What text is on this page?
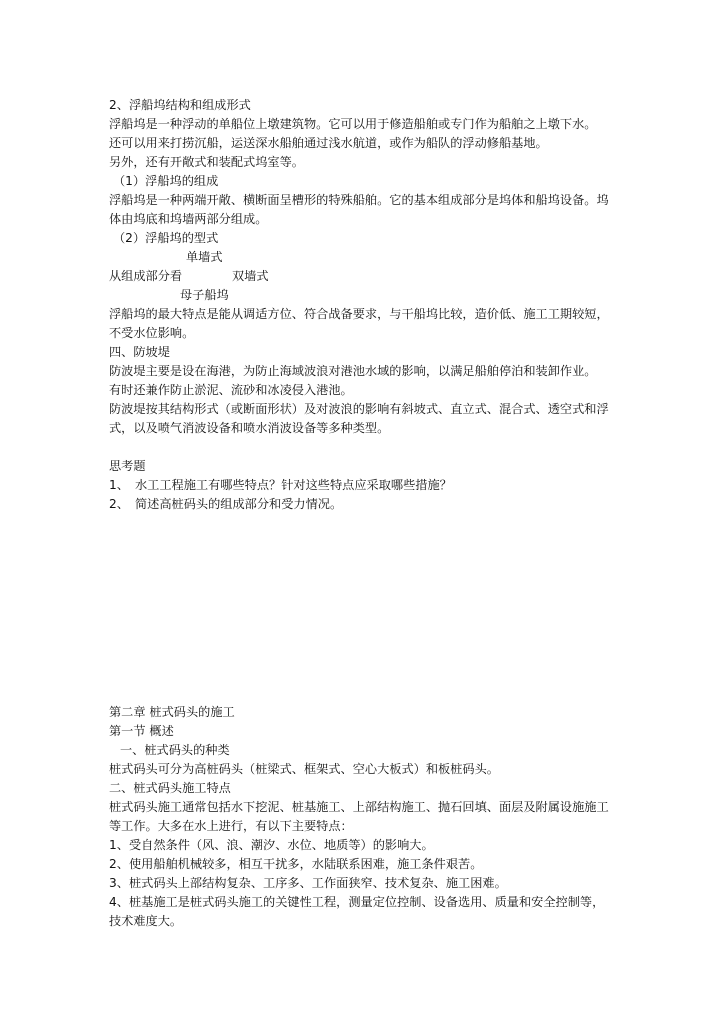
2、浮船坞结构和组成形式
浮船坞是一种浮动的单船位上墩建筑物。它可以用于修造船舶或专门作为船舶之上墩下水。
还可以用来打捞沉船，运送深水船舶通过浅水航道，或作为船队的浮动修船基地。
另外，还有开敞式和装配式坞室等。
（1）浮船坞的组成
浮船坞是一种两端开敞、横断面呈槽形的特殊船舶。它的基本组成部分是坞体和船坞设备。坞
体由坞底和坞墙两部分组成。
（2）浮船坞的型式
单墙式
从组成部分看	双墙式
母子船坞
浮船坞的最大特点是能从调适方位、符合战备要求，与干船坞比较，造价低、施工工期较短，
不受水位影响。
四、防坡堤
防波堤主要是设在海港，为防止海域波浪对港池水域的影响，以满足船舶停泊和装卸作业。
有时还兼作防止淤泥、流砂和冰凌侵入港池。
防波堤按其结构形式（或断面形状）及对波浪的影响有斜坡式、直立式、混合式、透空式和浮
式，以及喷气消波设备和喷水消波设备等多种类型。
思考题
1、 水工工程施工有哪些特点？针对这些特点应采取哪些措施？
2、 简述高桩码头的组成部分和受力情况。
第二章 桩式码头的施工
第一节 概述
一、桩式码头的种类
桩式码头可分为高桩码头（桩梁式、框架式、空心大板式）和板桩码头。
二、桩式码头施工特点
桩式码头施工通常包括水下挖泥、桩基施工、上部结构施工、抛石回填、面层及附属设施施工
等工作。大多在水上进行，有以下主要特点：
1、受自然条件（风、浪、潮汐、水位、地质等）的影响大。
2、使用船舶机械较多，相互干扰多，水陆联系困难，施工条件艰苦。
3、桩式码头上部结构复杂、工序多、工作面狭窄、技术复杂、施工困难。
4、桩基施工是桩式码头施工的关键性工程，测量定位控制、设备选用、质量和安全控制等，
技术难度大。
